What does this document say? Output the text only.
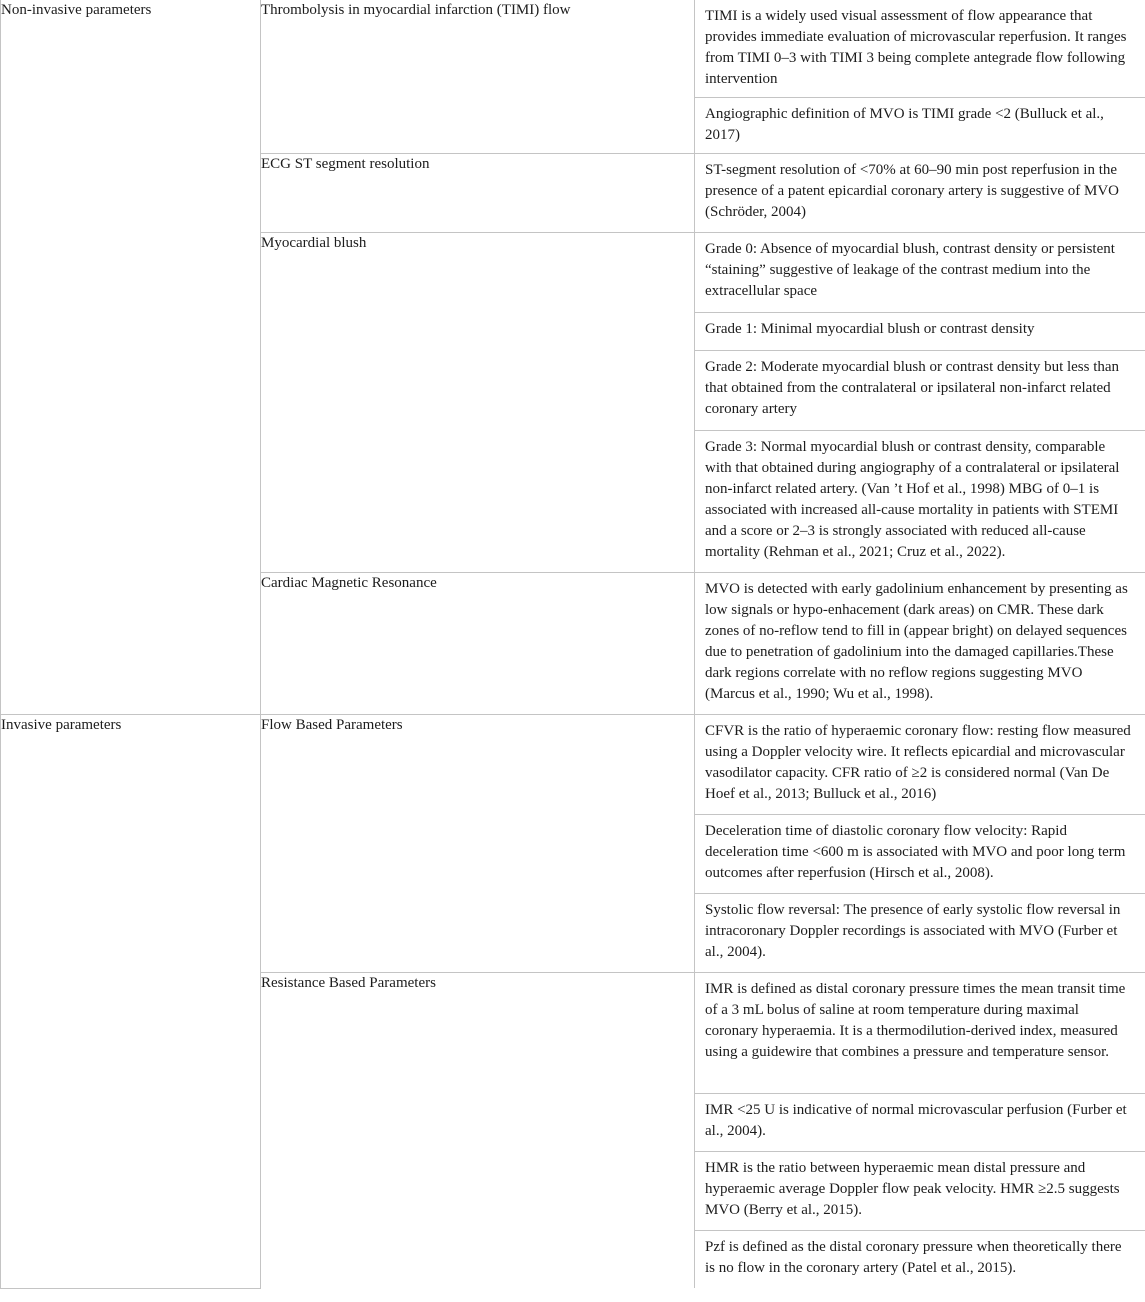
Non-invasive parameters	Thrombolysis in myocardial infarction (TIMI) flow	TIMI is a widely used visual assessment of flow appearance that provides immediate evaluation of microvascular reperfusion. It ranges from TIMI 0–3 with TIMI 3 being complete antegrade flow following intervention
Angiographic definition of MVO is TIMI grade <2 (Bulluck et al., 2017)

	ECG ST segment resolution	ST-segment resolution of <70% at 60–90 min post reperfusion in the presence of a patent epicardial coronary artery is suggestive of MVO (Schröder, 2004)

	Myocardial blush	Grade 0: Absence of myocardial blush, contrast density or persistent “staining” suggestive of leakage of the contrast medium into the extracellular space
Grade 1: Minimal myocardial blush or contrast density
Grade 2: Moderate myocardial blush or contrast density but less than that obtained from the contralateral or ipsilateral non-infarct related coronary artery
Grade 3: Normal myocardial blush or contrast density, comparable with that obtained during angiography of a contralateral or ipsilateral non-infarct related artery. (Van ’t Hof et al., 1998) MBG of 0–1 is associated with increased all-cause mortality in patients with STEMI and a score or 2–3 is strongly associated with reduced all-cause mortality (Rehman et al., 2021; Cruz et al., 2022).

	Cardiac Magnetic Resonance	MVO is detected with early gadolinium enhancement by presenting as low signals or hypo-enhacement (dark areas) on CMR. These dark zones of no-reflow tend to fill in (appear bright) on delayed sequences due to penetration of gadolinium into the damaged capillaries.These dark regions correlate with no reflow regions suggesting MVO (Marcus et al., 1990; Wu et al., 1998).

Invasive parameters	Flow Based Parameters	CFVR is the ratio of hyperaemic coronary flow: resting flow measured using a Doppler velocity wire. It reflects epicardial and microvascular vasodilator capacity. CFR ratio of ≥2 is considered normal (Van De Hoef et al., 2013; Bulluck et al., 2016)
Deceleration time of diastolic coronary flow velocity: Rapid deceleration time <600 m is associated with MVO and poor long term outcomes after reperfusion (Hirsch et al., 2008).
Systolic flow reversal: The presence of early systolic flow reversal in intracoronary Doppler recordings is associated with MVO (Furber et al., 2004).

	Resistance Based Parameters	IMR is defined as distal coronary pressure times the mean transit time of a 3 mL bolus of saline at room temperature during maximal coronary hyperaemia. It is a thermodilution-derived index, measured using a guidewire that combines a pressure and temperature sensor.
IMR <25 U is indicative of normal microvascular perfusion (Furber et al., 2004).
HMR is the ratio between hyperaemic mean distal pressure and hyperaemic average Doppler flow peak velocity. HMR ≥2.5 suggests MVO (Berry et al., 2015).
Pzf is defined as the distal coronary pressure when theoretically there is no flow in the coronary artery (Patel et al., 2015).
